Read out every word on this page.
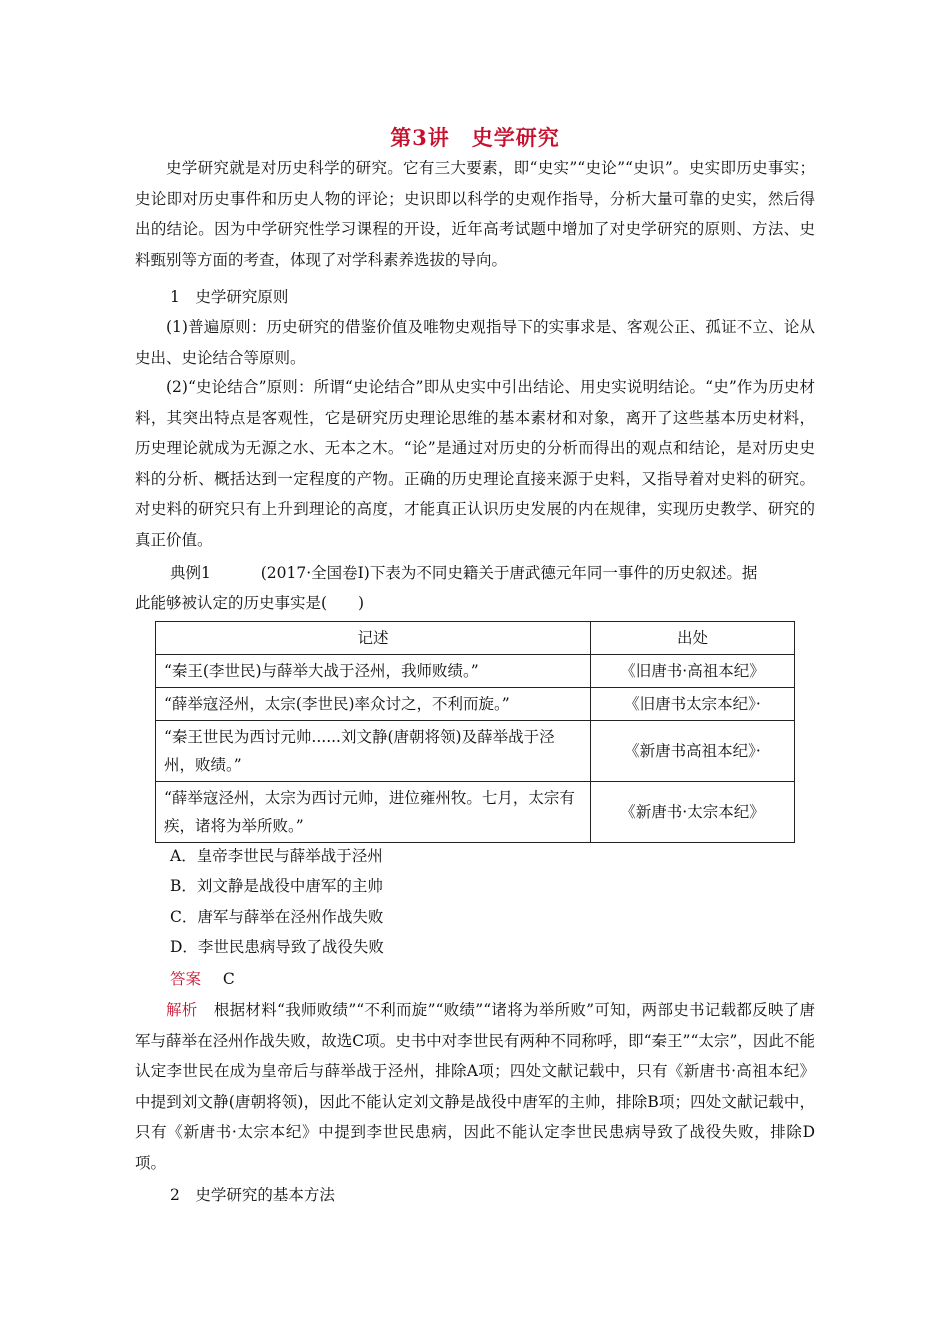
第3讲　史学研究
史学研究就是对历史科学的研究。它有三大要素，即“史实”“史论”“史识”。史实即历史事实；史论即对历史事件和历史人物的评论；史识即以科学的史观作指导，分析大量可靠的史实，然后得出的结论。因为中学研究性学习课程的开设，近年高考试题中增加了对史学研究的原则、方法、史料甄别等方面的考查，体现了对学科素养选拔的导向。
1　史学研究原则
(1)普遍原则：历史研究的借鉴价值及唯物史观指导下的实事求是、客观公正、孤证不立、论从史出、史论结合等原则。
(2)“史论结合”原则：所谓“史论结合”即从史实中引出结论、用史实说明结论。“史”作为历史材料，其突出特点是客观性，它是研究历史理论思维的基本素材和对象，离开了这些基本历史材料，历史理论就成为无源之水、无本之木。“论”是通过对历史的分析而得出的观点和结论，是对历史史料的分析、概括达到一定程度的产物。正确的历史理论直接来源于史料，又指导着对史料的研究。对史料的研究只有上升到理论的高度，才能真正认识历史发展的内在规律，实现历史教学、研究的真正价值。
典例1	(2017·全国卷Ⅰ)下表为不同史籍关于唐武德元年同一事件的历史叙述。据
此能够被认定的历史事实是(　　)
记述	出处
“秦王(李世民)与薛举大战于泾州，我师败绩。”	《旧唐书·高祖本纪》
“薛举寇泾州，太宗(李世民)率众讨之，不利而旋。”	《旧唐书太宗本纪》·
“秦王世民为西讨元帅......刘文静(唐朝将领)及薛举战于泾州，败绩。”	《新唐书高祖本纪》·
“薛举寇泾州，太宗为西讨元帅，进位雍州牧。七月，太宗有疾，诸将为举所败。”	《新唐书·太宗本纪》
A．皇帝李世民与薛举战于泾州
B．刘文静是战役中唐军的主帅
C．唐军与薛举在泾州作战失败
D．李世民患病导致了战役失败
答案 C
解析 根据材料“我师败绩”“不利而旋”“败绩”“诸将为举所败”可知，两部史书记载都反映了唐军与薛举在泾州作战失败，故选C项。史书中对李世民有两种不同称呼，即“秦王”“太宗”，因此不能认定李世民在成为皇帝后与薛举战于泾州，排除A项；四处文献记载中，只有《新唐书·高祖本纪》中提到刘文静(唐朝将领)，因此不能认定刘文静是战役中唐军的主帅，排除B项；四处文献记载中，只有《新唐书·太宗本纪》中提到李世民患病，因此不能认定李世民患病导致了战役失败，排除D项。
2　史学研究的基本方法
